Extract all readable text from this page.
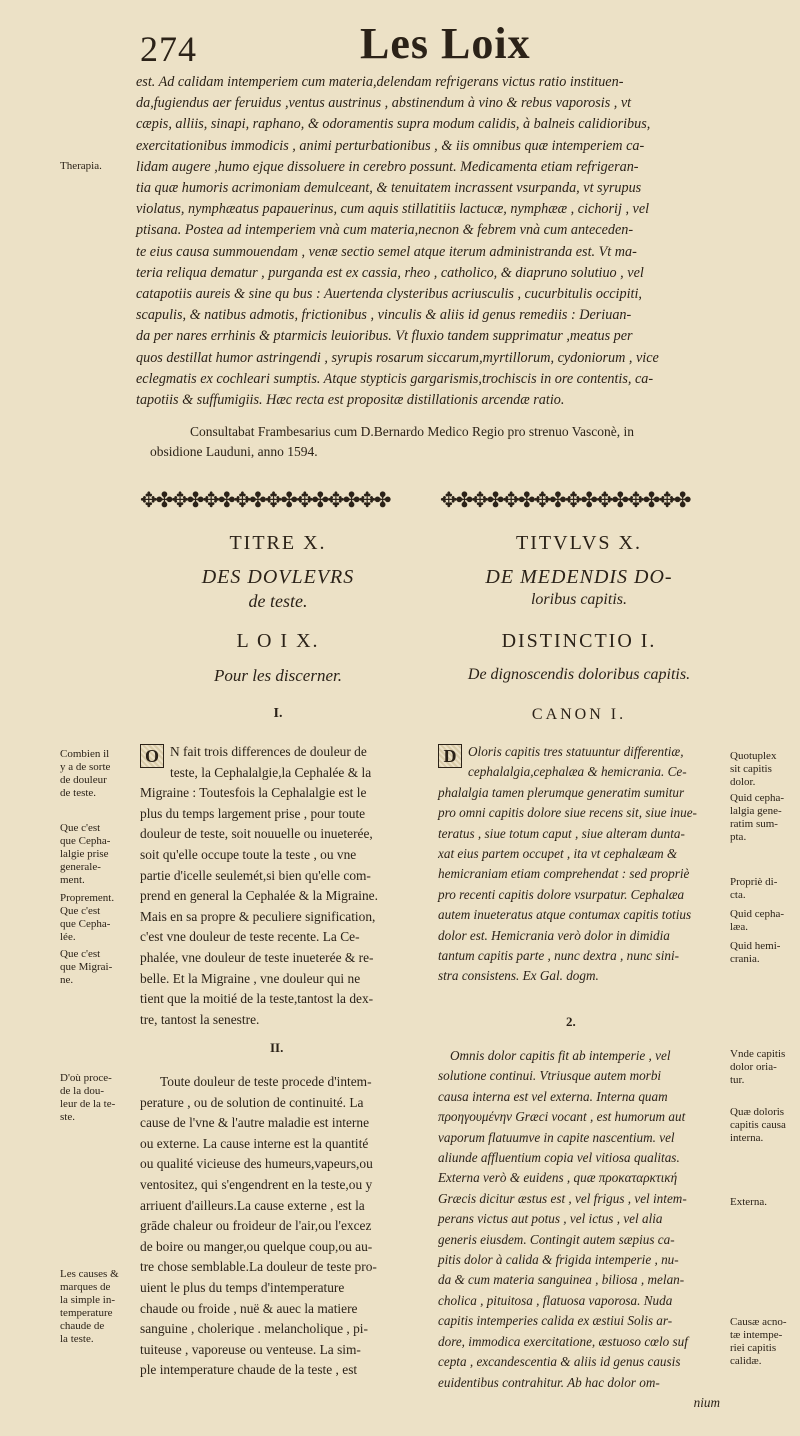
274	Les Loix
est. Ad calidam intemperiem cum materia,delendam refrigerans victus ratio instituen-
da,fugiendus aer feruidus ,ventus austrinus , abstinendum à vino & rebus vaporosis , vt
cæpis, alliis, sinapi, raphano, & odoramentis supra modum calidis, à balneis calidioribus,
exercitationibus immodicis , animi perturbationibus , & iis omnibus quæ intemperiem ca-
lidam augere ,humo ejque dissoluere in cerebro possunt. Medicamenta etiam refrigeran-
tia quæ humoris acrimoniam demulceant, & tenuitatem incrassent vsurpanda, vt syrupus
violatus, nymphæatus papauerinus, cum aquis stillatitiis lactucæ, nymphææ , cichorij , vel
ptisana. Postea ad intemperiem vnà cum materia,necnon & febrem vnà cum anteceden-
te eius causa summouendam , venæ sectio semel atque iterum administranda est. Vt ma-
teria reliqua dematur , purganda est ex cassia, rheo , catholico, & diapruno solutiuo , vel
catapotiis aureis & sine qu bus : Auertenda clysteribus acriusculis , cucurbitulis occipiti,
scapulis, & natibus admotis, frictionibus , vinculis & aliis id genus remediis : Deriuan-
da per nares errhinis & ptarmicis leuioribus. Vt fluxio tandem supprimatur ,meatus per
quos destillat humor astringendi , syrupis rosarum siccarum,myrtillorum, cydoniorum , vice
eclegmatis ex cochleari sumptis. Atque stypticis gargarismis,trochiscis in ore contentis, ca-
tapotiis & suffumigiis. Hæc recta est propositæ distillationis arcendæ ratio.
Therapia.
Consultabat Frambesarius cum D.Bernardo Medico Regio pro strenuo Vasconè, in
obsidione Lauduni, anno 1594.
✥✤✥✤✥✤✥✤✥✤✥✤✥✤✥✤	✥✤✥✤✥✤✥✤✥✤✥✤✥✤✥✤
TITRE X.
DES DOVLEVRS
de teste.
L O I X.
Pour les discerner.
I.
TITVLVS X.
DE MEDENDIS DO-
loribus capitis.
DISTINCTIO I.
De dignoscendis doloribus capitis.
CANON I.
O N fait trois differences de douleur de
teste, la Cephalalgie,la Cephalée & la
Migraine : Toutesfois la Cephalalgie est le
plus du temps largement prise , pour toute
douleur de teste, soit nouuelle ou inueterée,
soit qu'elle occupe toute la teste , ou vne
partie d'icelle seulemét,si bien qu'elle com-
prend en general la Cephalée & la Migraine.
Mais en sa propre & peculiere signification,
c'est vne douleur de teste recente. La Ce-
phalée, vne douleur de teste inueterée & re-
belle. Et la Migraine , vne douleur qui ne
tient que la moitié de la teste,tantost la dex-
tre, tantost la senestre.
D Oloris capitis tres statuuntur differentiæ,
cephalalgia,cephalæa & hemicrania. Ce-
phalalgia tamen plerumque generatim sumitur
pro omni capitis dolore siue recens sit, siue inue-
teratus , siue totum caput , siue alteram dunta-
xat eius partem occupet , ita vt cephalæam &
hemicraniam etiam comprehendat : sed propriè
pro recenti capitis dolore vsurpatur. Cephalæa
autem inueteratus atque contumax capitis totius
dolor est. Hemicrania verò dolor in dimidia
tantum capitis parte , nunc dextra , nunc sini-
stra consistens. Ex Gal. dogm.
II.
2.
Toute douleur de teste procede d'intem-
perature , ou de solution de continuité. La
cause de l'vne & l'autre maladie est interne
ou externe. La cause interne est la quantité
ou qualité vicieuse des humeurs,vapeurs,ou
ventositez, qui s'engendrent en la teste,ou y
arriuent d'ailleurs.La cause externe , est la
grāde chaleur ou froideur de l'air,ou l'excez
de boire ou manger,ou quelque coup,ou au-
tre chose semblable.La douleur de teste pro-
uient le plus du temps d'intemperature
chaude ou froide , nuë & auec la matiere
sanguine , cholerique . melancholique , pi-
tuiteuse , vaporeuse ou venteuse. La sim-
ple intemperature chaude de la teste , est
Omnis dolor capitis fit ab intemperie , vel
solutione continui. Vtriusque autem morbi
causa interna est vel externa. Interna quam
προηγουμένην Græci vocant , est humorum aut
vaporum flatuumve in capite nascentium. vel
aliunde affluentium copia vel vitiosa qualitas.
Externa verò & euidens , quæ προκαταρκτική
Græcis dicitur æstus est , vel frigus , vel intem-
perans victus aut potus , vel ictus , vel alia
generis eiusdem. Contingit autem sæpius ca-
pitis dolor à calida & frigida intemperie , nu-
da & cum materia sanguinea , biliosa , melan-
cholica , pituitosa , flatuosa vaporosa. Nuda
capitis intemperies calida ex æstiui Solis ar-
dore, immodica exercitatione, æstuoso cœlo suf
cepta , excandescentia & aliis id genus causis
euidentibus contrahitur. Ab hac dolor om-
nium
Combien il
y a de sorte
de douleur
de teste.
Que c'est
que Cepha-
lalgie prise
generale-
ment.
Proprement.
Que c'est
que Cepha-
lée.
Que c'est
que Migrai-
ne.
D'où proce-
de la dou-
leur de la te-
ste.
Les causes &
marques de
la simple in-
temperature
chaude de
la teste.
Quotuplex
sit capitis
dolor.
Quid cepha-
lalgia gene-
ratim sum-
pta.
Propriè di-
cta.
Quid cepha-
læa.
Quid hemi-
crania.
Vnde capitis
dolor oria-
tur.
Quæ doloris
capitis causa
interna.
Externa.
Causæ acno-
tæ intempe-
riei capitis
calidæ.
